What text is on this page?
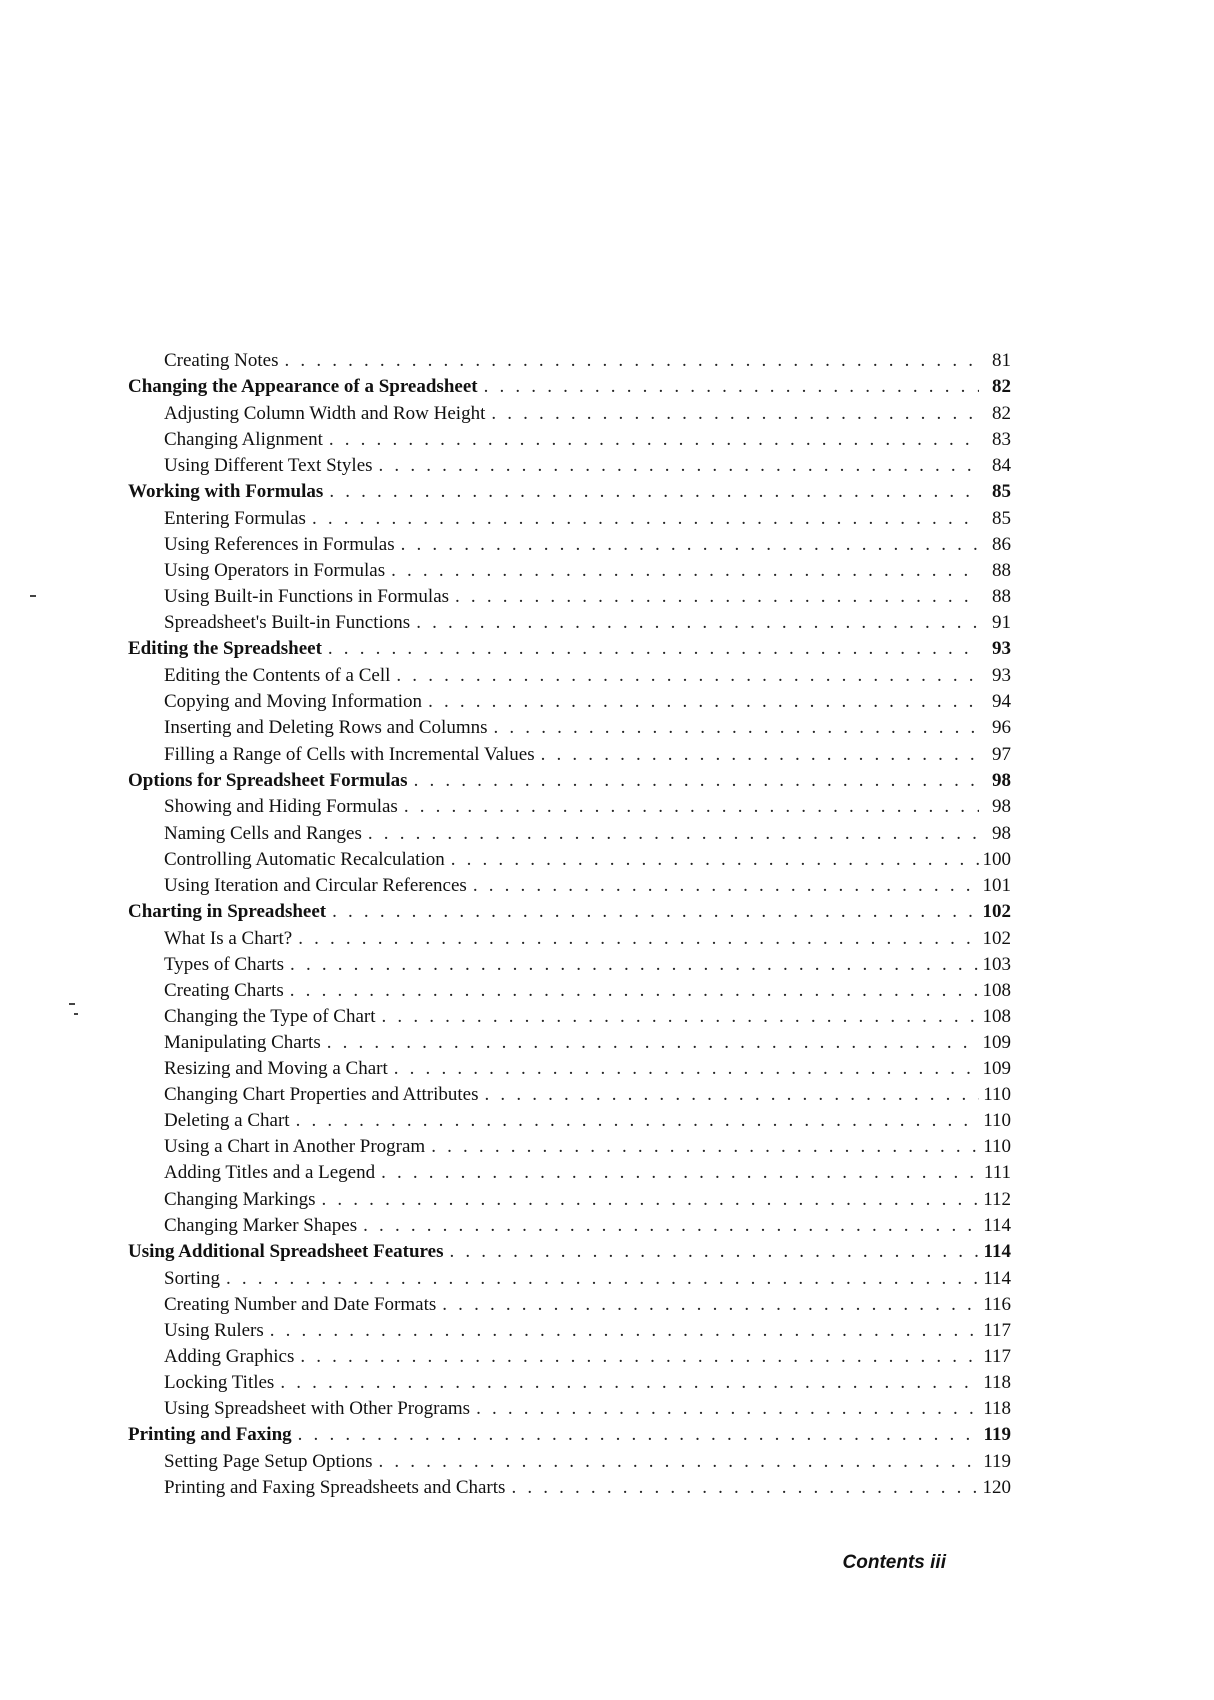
Creating Notes . . .	81
Changing the Appearance of a Spreadsheet . . .	82
Adjusting Column Width and Row Height . . .	82
Changing Alignment . . .	83
Using Different Text Styles . . .	84
Working with Formulas . . .	85
Entering Formulas . . .	85
Using References in Formulas . . .	86
Using Operators in Formulas . . .	88
Using Built-in Functions in Formulas . . .	88
Spreadsheet's Built-in Functions . . .	91
Editing the Spreadsheet . . .	93
Editing the Contents of a Cell . . .	93
Copying and Moving Information . . .	94
Inserting and Deleting Rows and Columns . . .	96
Filling a Range of Cells with Incremental Values . . .	97
Options for Spreadsheet Formulas . . .	98
Showing and Hiding Formulas . . .	98
Naming Cells and Ranges . . .	98
Controlling Automatic Recalculation . . .	100
Using Iteration and Circular References . . .	101
Charting in Spreadsheet . . .	102
What Is a Chart? . . .	102
Types of Charts . . .	103
Creating Charts . . .	108
Changing the Type of Chart . . .	108
Manipulating Charts . . .	109
Resizing and Moving a Chart . . .	109
Changing Chart Properties and Attributes . . .	110
Deleting a Chart . . .	110
Using a Chart in Another Program . . .	110
Adding Titles and a Legend . . .	111
Changing Markings . . .	112
Changing Marker Shapes . . .	114
Using Additional Spreadsheet Features . . .	114
Sorting . . .	114
Creating Number and Date Formats . . .	116
Using Rulers . . .	117
Adding Graphics . . .	117
Locking Titles . . .	118
Using Spreadsheet with Other Programs . . .	118
Printing and Faxing . . .	119
Setting Page Setup Options . . .	119
Printing and Faxing Spreadsheets and Charts . . .	120
Contents iii
